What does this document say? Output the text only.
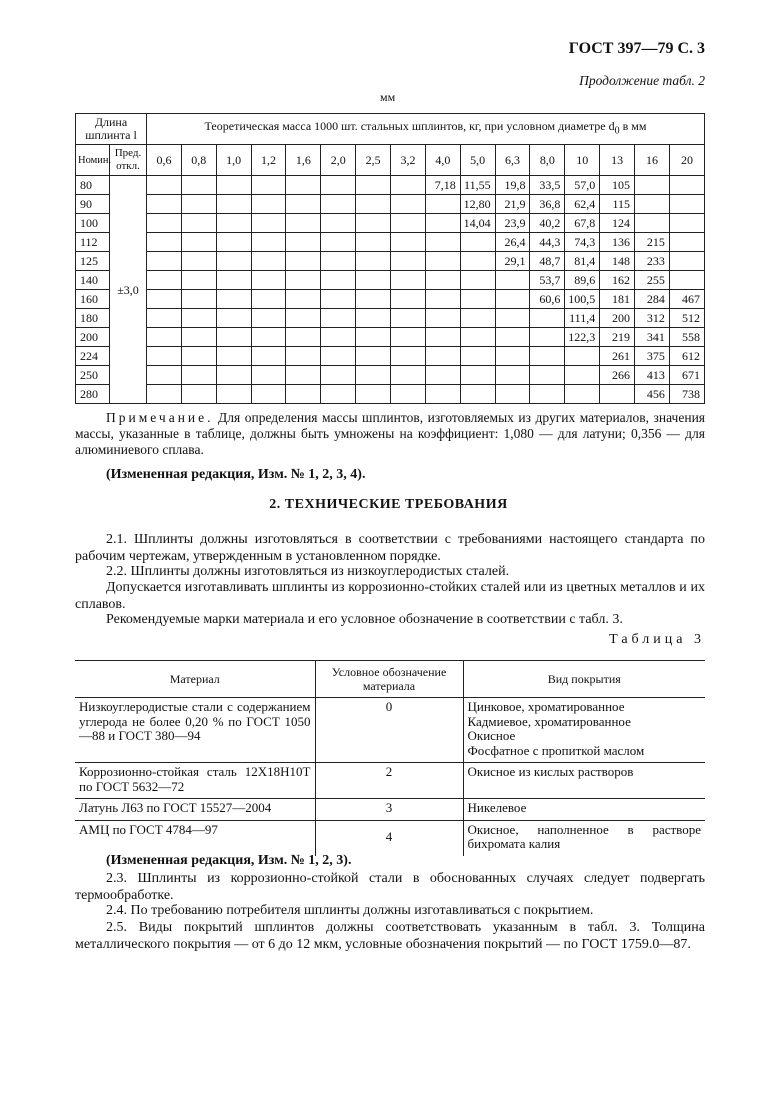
ГОСТ 397—79 С. 3
Продолжение табл. 2
мм
Длина шплинта l		Теоретическая масса 1000 шт. стальных шплинтов, кг, при условном диаметре $d_0$ в мм															
Номин.	Пред. откл.	0,6	0,8	1,0	1,2	1,6	2,0	2,5	3,2	4,0	5,0	6,3	8,0	10	13	16	20
80	±3,0									7,18	11,55	19,8	33,5	57,0	105		
90											12,80	21,9	36,8	62,4	115		
100											14,04	23,9	40,2	67,8	124		
112												26,4	44,3	74,3	136	215	
125												29,1	48,7	81,4	148	233	
140													53,7	89,6	162	255	
160													60,6	100,5	181	284	467
180														111,4	200	312	512
200														122,3	219	341	558
224															261	375	612
250															266	413	671
280																456	738
Примечание. Для определения массы шплинтов, изготовляемых из других материалов, значения массы, указанные в таблице, должны быть умножены на коэффициент: 1,080 — для латуни; 0,356 — для алюминиевого сплава.
(Измененная редакция, Изм. № 1, 2, 3, 4).
2. ТЕХНИЧЕСКИЕ ТРЕБОВАНИЯ
2.1. Шплинты должны изготовляться в соответствии с требованиями настоящего стандарта по рабочим чертежам, утвержденным в установленном порядке.
2.2. Шплинты должны изготовляться из низкоуглеродистых сталей.
Допускается изготавливать шплинты из коррозионно-стойких сталей или из цветных металлов и их сплавов.
Рекомендуемые марки материала и его условное обозначение в соответствии с табл. 3.
Таблица 3
Материал	Условное обозначение материала	Вид покрытия
Низкоуглеродистые стали с содержанием углерода не более 0,20 % по ГОСТ 1050—88 и ГОСТ 380—94	0	Цинковое, хроматированное
Кадмиевое, хроматированное
Окисное
Фосфатное с пропиткой маслом

Коррозионно-стойкая сталь 12Х18Н10Т по ГОСТ 5632—72	2	Окисное из кислых растворов

Латунь Л63 по ГОСТ 15527—2004	3	Никелевое

АМЦ по ГОСТ 4784—97	4	Окисное, наполненное в растворе бихромата калия
(Измененная редакция, Изм. № 1, 2, 3).
2.3. Шплинты из коррозионно-стойкой стали в обоснованных случаях следует подвергать термообработке.
2.4. По требованию потребителя шплинты должны изготавливаться с покрытием.
2.5. Виды покрытий шплинтов должны соответствовать указанным в табл. 3. Толщина металлического покрытия — от 6 до 12 мкм, условные обозначения покрытий — по ГОСТ 1759.0—87.
